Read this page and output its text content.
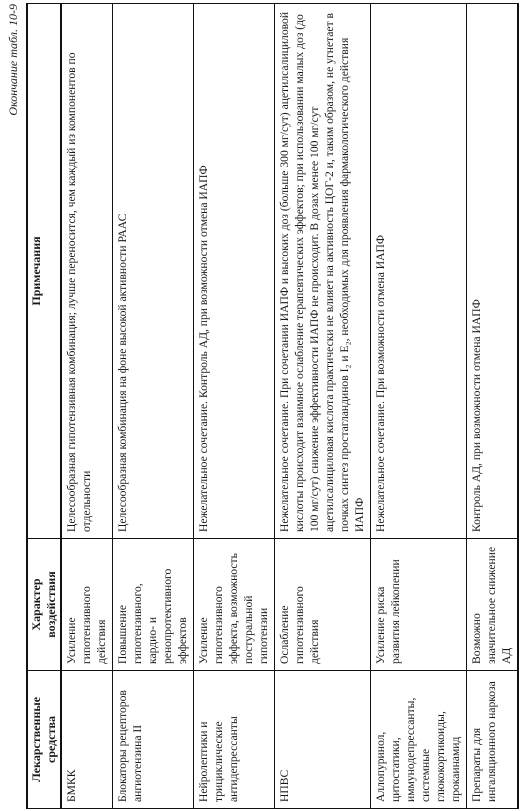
Окончание табл. 10-9
Лекарственные средства	Характер воздействия	Примечания
БМКК	Усиление гипотензивного действия	Целесообразная гипотензивная комбинация; лучше переносится, чем каждый из компонентов по отдельности
Блокаторы рецепторов ангиотензина II	Повышение гипотензивного, кардио- и ренопротективного эффектов	Целесообразная комбинация на фоне высокой активности РААС
Нейролептики и трициклические антидепрессанты	Усиление гипотензивного эффекта, возможность постуральной гипотензии	Нежелательное сочетание. Контроль АД, при возможности отмена ИАПФ
НПВС	Ослабление гипотензивного действия	Нежелательное сочетание. При сочетании ИАПФ и высоких доз (больше 300 мг/сут) ацетилсалициловой кислоты происходит взаимное ослабление терапевтических эффектов; при использовании малых доз (до 100 мг/сут) снижение эффективности ИАПФ не происходит. В дозах менее 100 мг/сут ацетилсалициловая кислота практически не влияет на активность ЦОГ-2 и, таким образом, не угнетает в почках синтез простагландинов I₂ и E₂, необходимых для проявления фармакологического действия ИАПФ
Аллопуринол, цитостатики, иммунодепрессанты, системные глюкокортикоиды, прокаинамид	Усиление риска развития лейкопении	Нежелательное сочетание. При возможности отмена ИАПФ
Препараты для ингаляционного наркоза	Возможно значительное снижение АД	Контроль АД, при возможности отмена ИАПФ
